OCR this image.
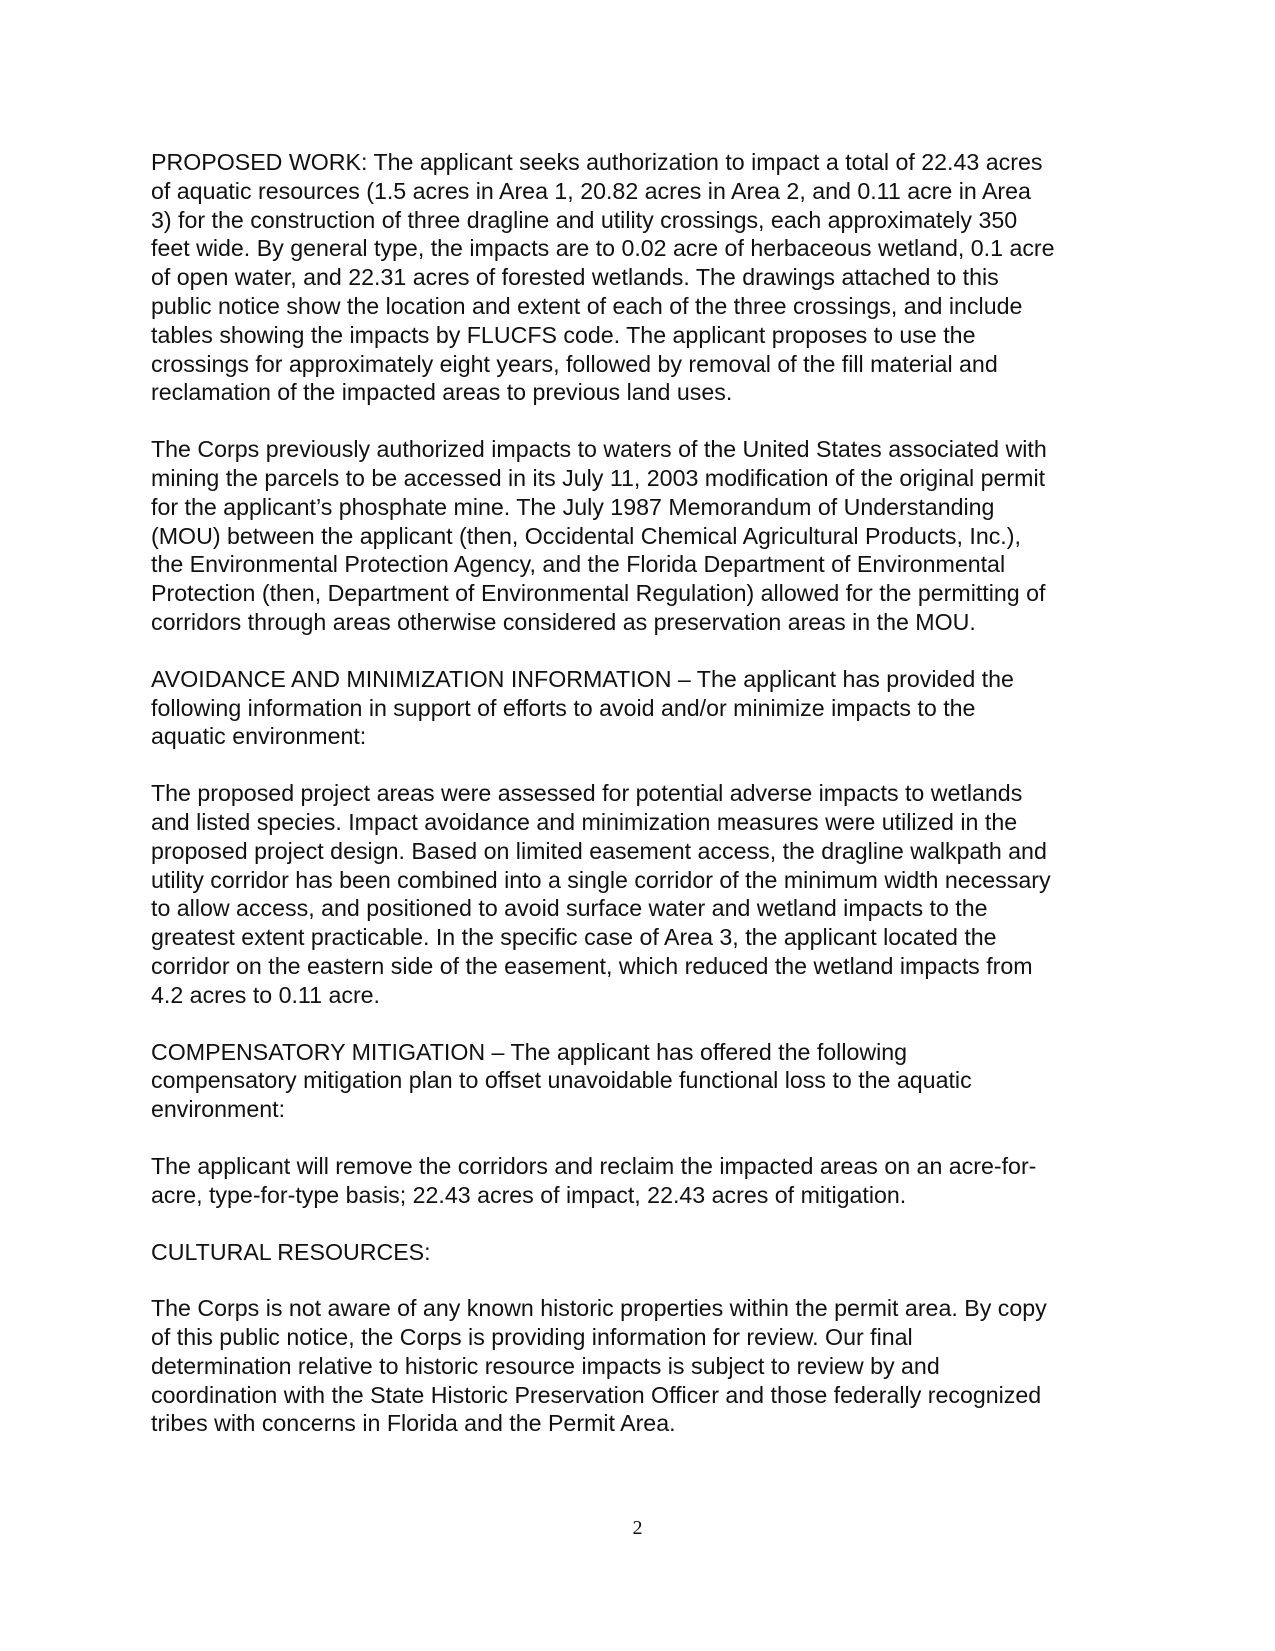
PROPOSED WORK: The applicant seeks authorization to impact a total of 22.43 acres
of aquatic resources (1.5 acres in Area 1, 20.82 acres in Area 2, and 0.11 acre in Area
3) for the construction of three dragline and utility crossings, each approximately 350
feet wide. By general type, the impacts are to 0.02 acre of herbaceous wetland, 0.1 acre
of open water, and 22.31 acres of forested wetlands. The drawings attached to this
public notice show the location and extent of each of the three crossings, and include
tables showing the impacts by FLUCFS code. The applicant proposes to use the
crossings for approximately eight years, followed by removal of the fill material and
reclamation of the impacted areas to previous land uses.

The Corps previously authorized impacts to waters of the United States associated with
mining the parcels to be accessed in its July 11, 2003 modification of the original permit
for the applicant’s phosphate mine. The July 1987 Memorandum of Understanding
(MOU) between the applicant (then, Occidental Chemical Agricultural Products, Inc.),
the Environmental Protection Agency, and the Florida Department of Environmental
Protection (then, Department of Environmental Regulation) allowed for the permitting of
corridors through areas otherwise considered as preservation areas in the MOU.

AVOIDANCE AND MINIMIZATION INFORMATION – The applicant has provided the
following information in support of efforts to avoid and/or minimize impacts to the
aquatic environment:

The proposed project areas were assessed for potential adverse impacts to wetlands
and listed species. Impact avoidance and minimization measures were utilized in the
proposed project design. Based on limited easement access, the dragline walkpath and
utility corridor has been combined into a single corridor of the minimum width necessary
to allow access, and positioned to avoid surface water and wetland impacts to the
greatest extent practicable. In the specific case of Area 3, the applicant located the
corridor on the eastern side of the easement, which reduced the wetland impacts from
4.2 acres to 0.11 acre.

COMPENSATORY MITIGATION – The applicant has offered the following
compensatory mitigation plan to offset unavoidable functional loss to the aquatic
environment:

The applicant will remove the corridors and reclaim the impacted areas on an acre-for-
acre, type-for-type basis; 22.43 acres of impact, 22.43 acres of mitigation.

CULTURAL RESOURCES:

The Corps is not aware of any known historic properties within the permit area. By copy
of this public notice, the Corps is providing information for review. Our final
determination relative to historic resource impacts is subject to review by and
coordination with the State Historic Preservation Officer and those federally recognized
tribes with concerns in Florida and the Permit Area.

2
